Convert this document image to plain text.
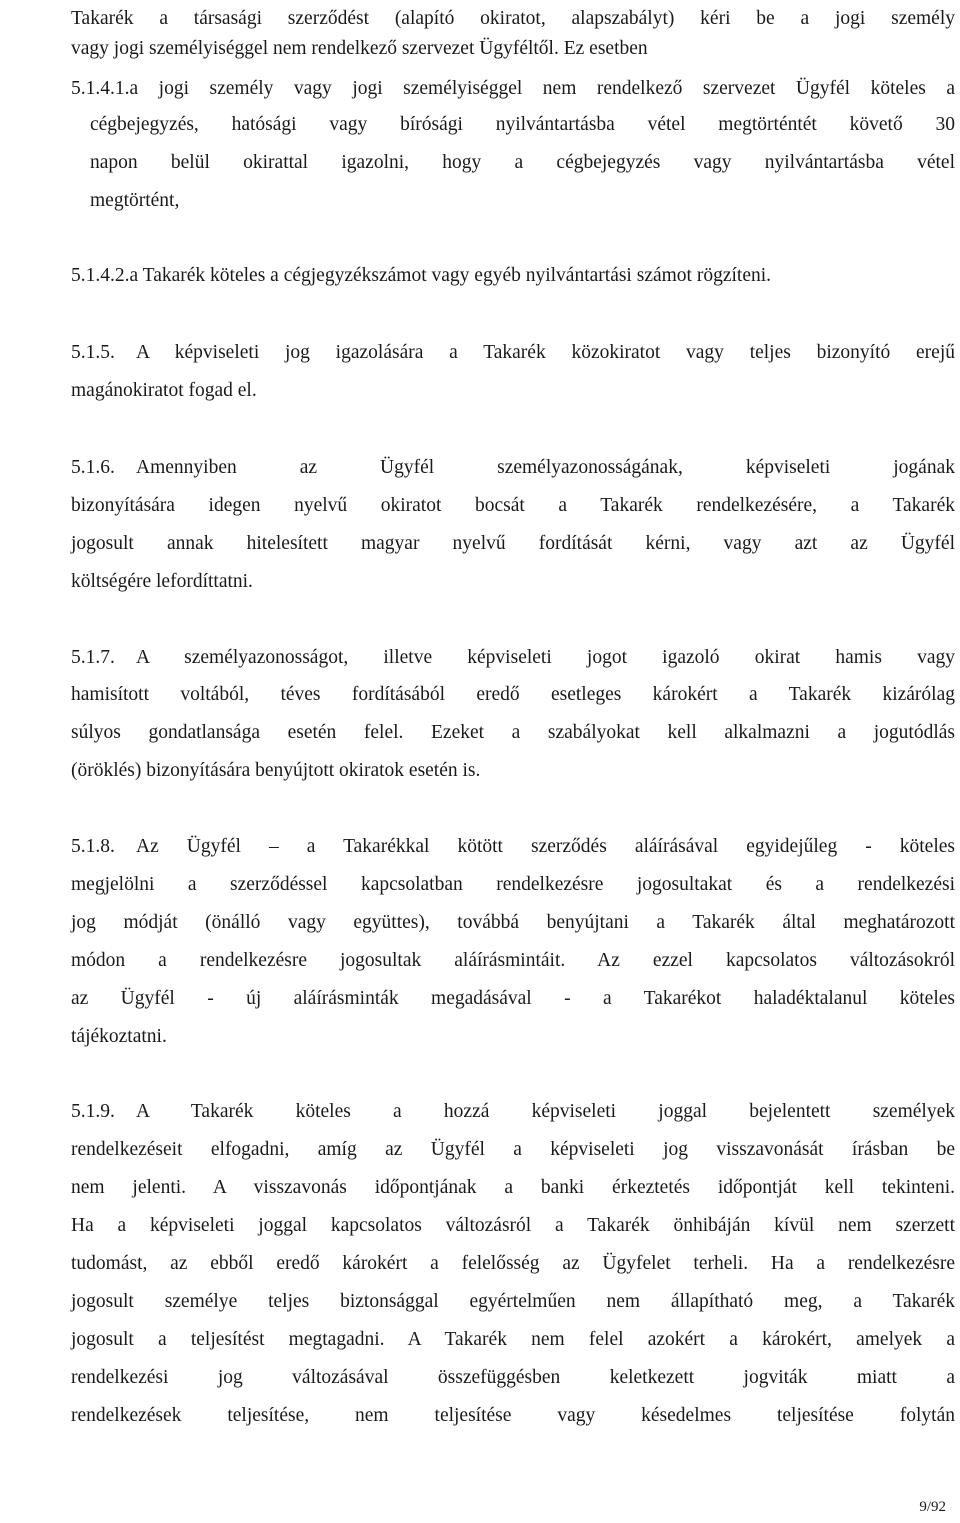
Takarék a társasági szerződést (alapító okiratot, alapszabályt) kéri be a jogi személy
vagy jogi személyiséggel nem rendelkező szervezet Ügyféltől. Ez esetben
5.1.4.1.a jogi személy vagy jogi személyiséggel nem rendelkező szervezet Ügyfél köteles a
cégbejegyzés, hatósági vagy bírósági nyilvántartásba vétel megtörténtét követő 30
napon belül okirattal igazolni, hogy a cégbejegyzés vagy nyilvántartásba vétel
megtörtént,
5.1.4.2.a Takarék köteles a cégjegyzékszámot vagy egyéb nyilvántartási számot rögzíteni.
5.1.5. A képviseleti jog igazolására a Takarék közokiratot vagy teljes bizonyító erejű
magánokiratot fogad el.
5.1.6. Amennyiben az Ügyfél személyazonosságának, képviseleti jogának
bizonyítására idegen nyelvű okiratot bocsát a Takarék rendelkezésére, a Takarék
jogosult annak hitelesített magyar nyelvű fordítását kérni, vagy azt az Ügyfél
költségére lefordíttatni.
5.1.7. A személyazonosságot, illetve képviseleti jogot igazoló okirat hamis vagy
hamisított voltából, téves fordításából eredő esetleges károkért a Takarék kizárólag
súlyos gondatlansága esetén felel. Ezeket a szabályokat kell alkalmazni a jogutódlás
(öröklés) bizonyítására benyújtott okiratok esetén is.
5.1.8. Az Ügyfél – a Takarékkal kötött szerződés aláírásával egyidejűleg - köteles
megjelölni a szerződéssel kapcsolatban rendelkezésre jogosultakat és a rendelkezési
jog módját (önálló vagy együttes), továbbá benyújtani a Takarék által meghatározott
módon a rendelkezésre jogosultak aláírásmintáit. Az ezzel kapcsolatos változásokról
az Ügyfél - új aláírásminták megadásával - a Takarékot haladéktalanul köteles
tájékoztatni.
5.1.9. A Takarék köteles a hozzá képviseleti joggal bejelentett személyek
rendelkezéseit elfogadni, amíg az Ügyfél a képviseleti jog visszavonását írásban be
nem jelenti. A visszavonás időpontjának a banki érkeztetés időpontját kell tekinteni.
Ha a képviseleti joggal kapcsolatos változásról a Takarék önhibáján kívül nem szerzett
tudomást, az ebből eredő károkért a felelősség az Ügyfelet terheli. Ha a rendelkezésre
jogosult személye teljes biztonsággal egyértelműen nem állapítható meg, a Takarék
jogosult a teljesítést megtagadni. A Takarék nem felel azokért a károkért, amelyek a
rendelkezési jog változásával összefüggésben keletkezett jogviták miatt a
rendelkezések teljesítése, nem teljesítése vagy késedelmes teljesítése folytán
9/92
